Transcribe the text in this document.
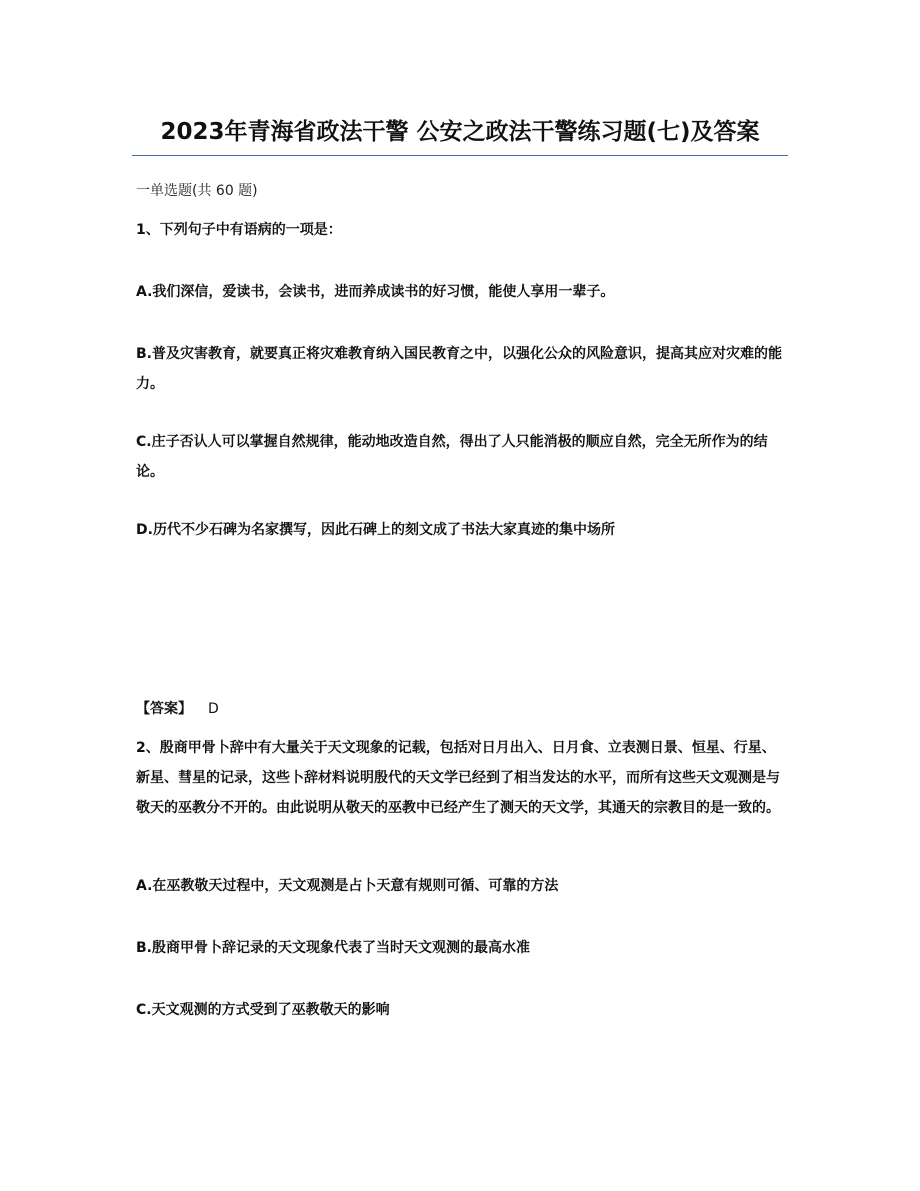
2023年青海省政法干警 公安之政法干警练习题(七)及答案
一单选题(共 60 题)
1、下列句子中有语病的一项是：
A.我们深信，爱读书，会读书，进而养成读书的好习惯，能使人享用一辈子。
B.普及灾害教育，就要真正将灾难教育纳入国民教育之中，以强化公众的风险意识，提高其应对灾难的能力。
C.庄子否认人可以掌握自然规律，能动地改造自然，得出了人只能消极的顺应自然，完全无所作为的结论。
D.历代不少石碑为名家撰写，因此石碑上的刻文成了书法大家真迹的集中场所
【答案】 D
2、殷商甲骨卜辞中有大量关于天文现象的记载，包括对日月出入、日月食、立表测日景、恒星、行星、新星、彗星的记录，这些卜辞材料说明殷代的天文学已经到了相当发达的水平，而所有这些天文观测是与敬天的巫教分不开的。由此说明从敬天的巫教中已经产生了测天的天文学，其通天的宗教目的是一致的。
A.在巫教敬天过程中，天文观测是占卜天意有规则可循、可靠的方法
B.殷商甲骨卜辞记录的天文现象代表了当时天文观测的最高水准
C.天文观测的方式受到了巫教敬天的影响
